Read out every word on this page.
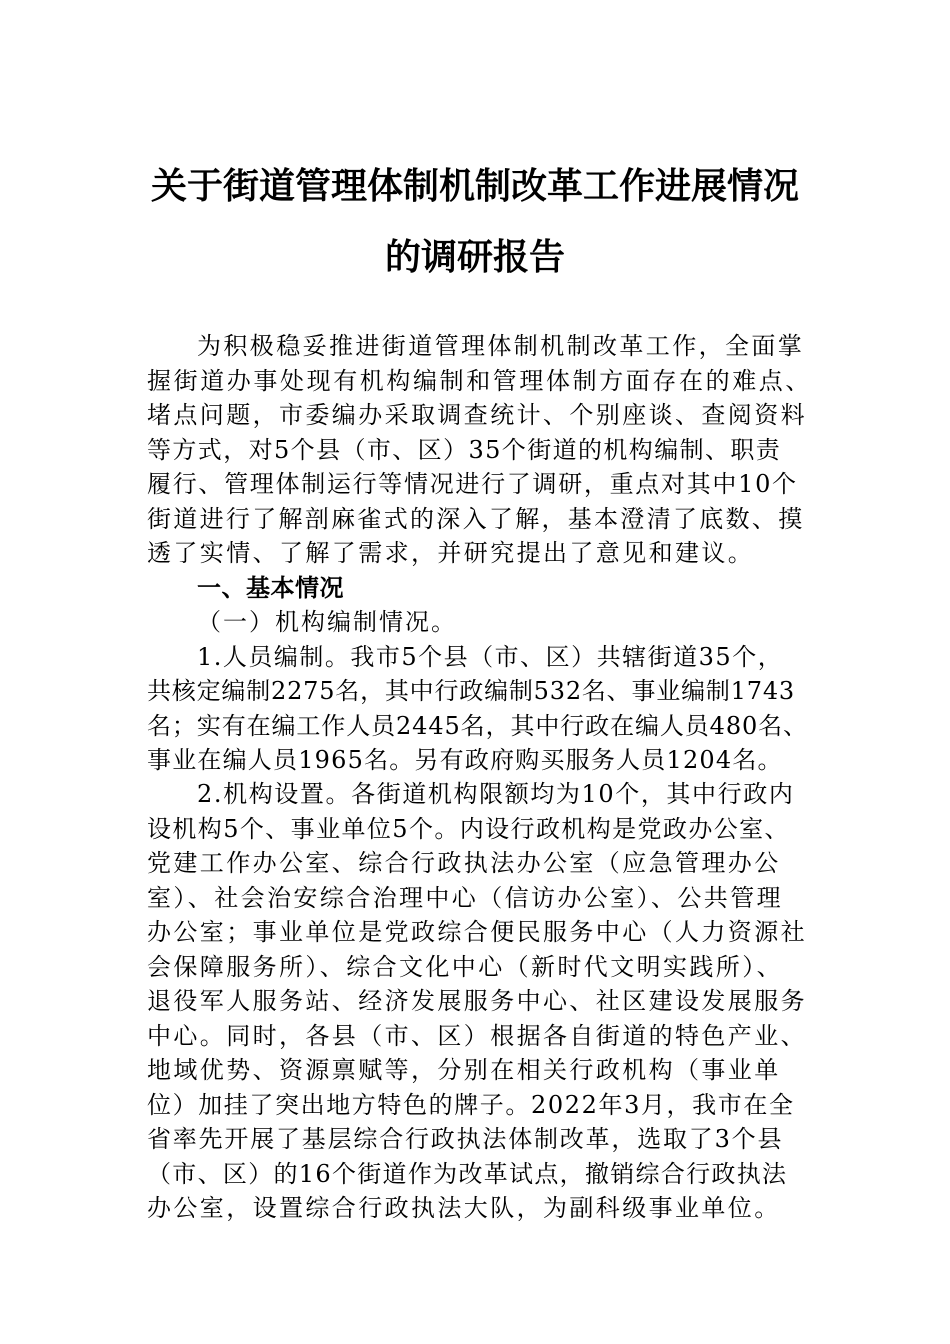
关于街道管理体制机制改革工作进展情况
的调研报告
为积极稳妥推进街道管理体制机制改革工作，全面掌
握街道办事处现有机构编制和管理体制方面存在的难点、
堵点问题，市委编办采取调查统计、个别座谈、查阅资料
等方式，对5个县（市、区）35个街道的机构编制、职责
履行、管理体制运行等情况进行了调研，重点对其中10个
街道进行了解剖麻雀式的深入了解，基本澄清了底数、摸
透了实情、了解了需求，并研究提出了意见和建议。
一、基本情况
（一）机构编制情况。
1.人员编制。我市5个县（市、区）共辖街道35个，
共核定编制2275名，其中行政编制532名、事业编制1743
名；实有在编工作人员2445名，其中行政在编人员480名、
事业在编人员1965名。另有政府购买服务人员1204名。
2.机构设置。各街道机构限额均为10个，其中行政内
设机构5个、事业单位5个。内设行政机构是党政办公室、
党建工作办公室、综合行政执法办公室（应急管理办公
室）、社会治安综合治理中心（信访办公室）、公共管理
办公室；事业单位是党政综合便民服务中心（人力资源社
会保障服务所）、综合文化中心（新时代文明实践所）、
退役军人服务站、经济发展服务中心、社区建设发展服务
中心。同时，各县（市、区）根据各自街道的特色产业、
地域优势、资源禀赋等，分别在相关行政机构（事业单
位）加挂了突出地方特色的牌子。2022年3月，我市在全
省率先开展了基层综合行政执法体制改革，选取了3个县
（市、区）的16个街道作为改革试点，撤销综合行政执法
办公室，设置综合行政执法大队，为副科级事业单位。
